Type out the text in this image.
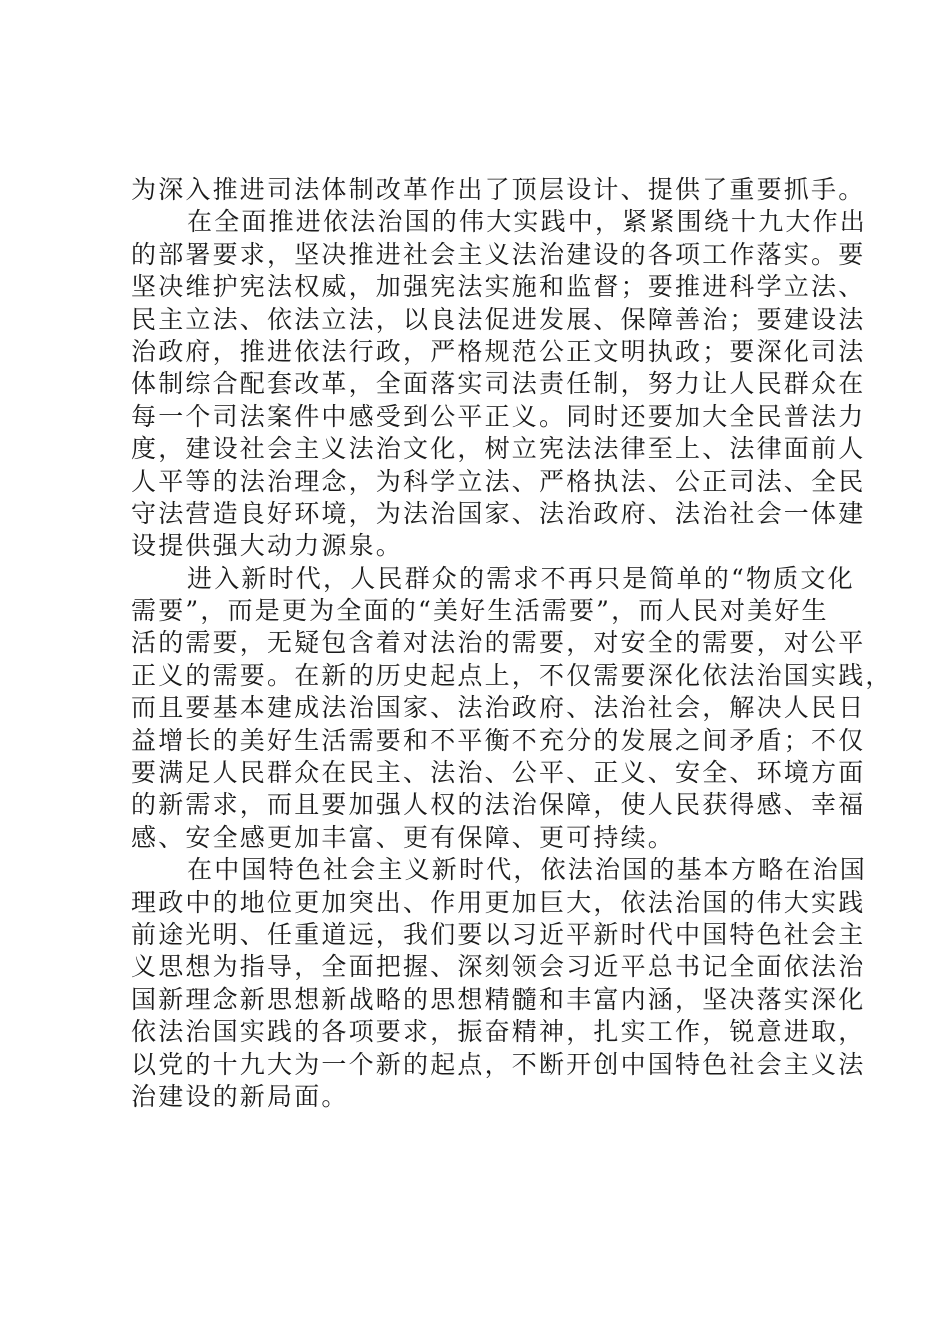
为深入推进司法体制改革作出了顶层设计、提供了重要抓手。
在全面推进依法治国的伟大实践中，紧紧围绕十九大作出
的部署要求，坚决推进社会主义法治建设的各项工作落实。要
坚决维护宪法权威，加强宪法实施和监督；要推进科学立法、
民主立法、依法立法，以良法促进发展、保障善治；要建设法
治政府，推进依法行政，严格规范公正文明执政；要深化司法
体制综合配套改革，全面落实司法责任制，努力让人民群众在
每一个司法案件中感受到公平正义。同时还要加大全民普法力
度，建设社会主义法治文化，树立宪法法律至上、法律面前人
人平等的法治理念，为科学立法、严格执法、公正司法、全民
守法营造良好环境，为法治国家、法治政府、法治社会一体建
设提供强大动力源泉。
进入新时代，人民群众的需求不再只是简单的“物质文化
需要”，而是更为全面的“美好生活需要”，而人民对美好生
活的需要，无疑包含着对法治的需要，对安全的需要，对公平
正义的需要。在新的历史起点上，不仅需要深化依法治国实践，
而且要基本建成法治国家、法治政府、法治社会，解决人民日
益增长的美好生活需要和不平衡不充分的发展之间矛盾；不仅
要满足人民群众在民主、法治、公平、正义、安全、环境方面
的新需求，而且要加强人权的法治保障，使人民获得感、幸福
感、安全感更加丰富、更有保障、更可持续。
在中国特色社会主义新时代，依法治国的基本方略在治国
理政中的地位更加突出、作用更加巨大，依法治国的伟大实践
前途光明、任重道远，我们要以习近平新时代中国特色社会主
义思想为指导，全面把握、深刻领会习近平总书记全面依法治
国新理念新思想新战略的思想精髓和丰富内涵，坚决落实深化
依法治国实践的各项要求，振奋精神，扎实工作，锐意进取，
以党的十九大为一个新的起点，不断开创中国特色社会主义法
治建设的新局面。
